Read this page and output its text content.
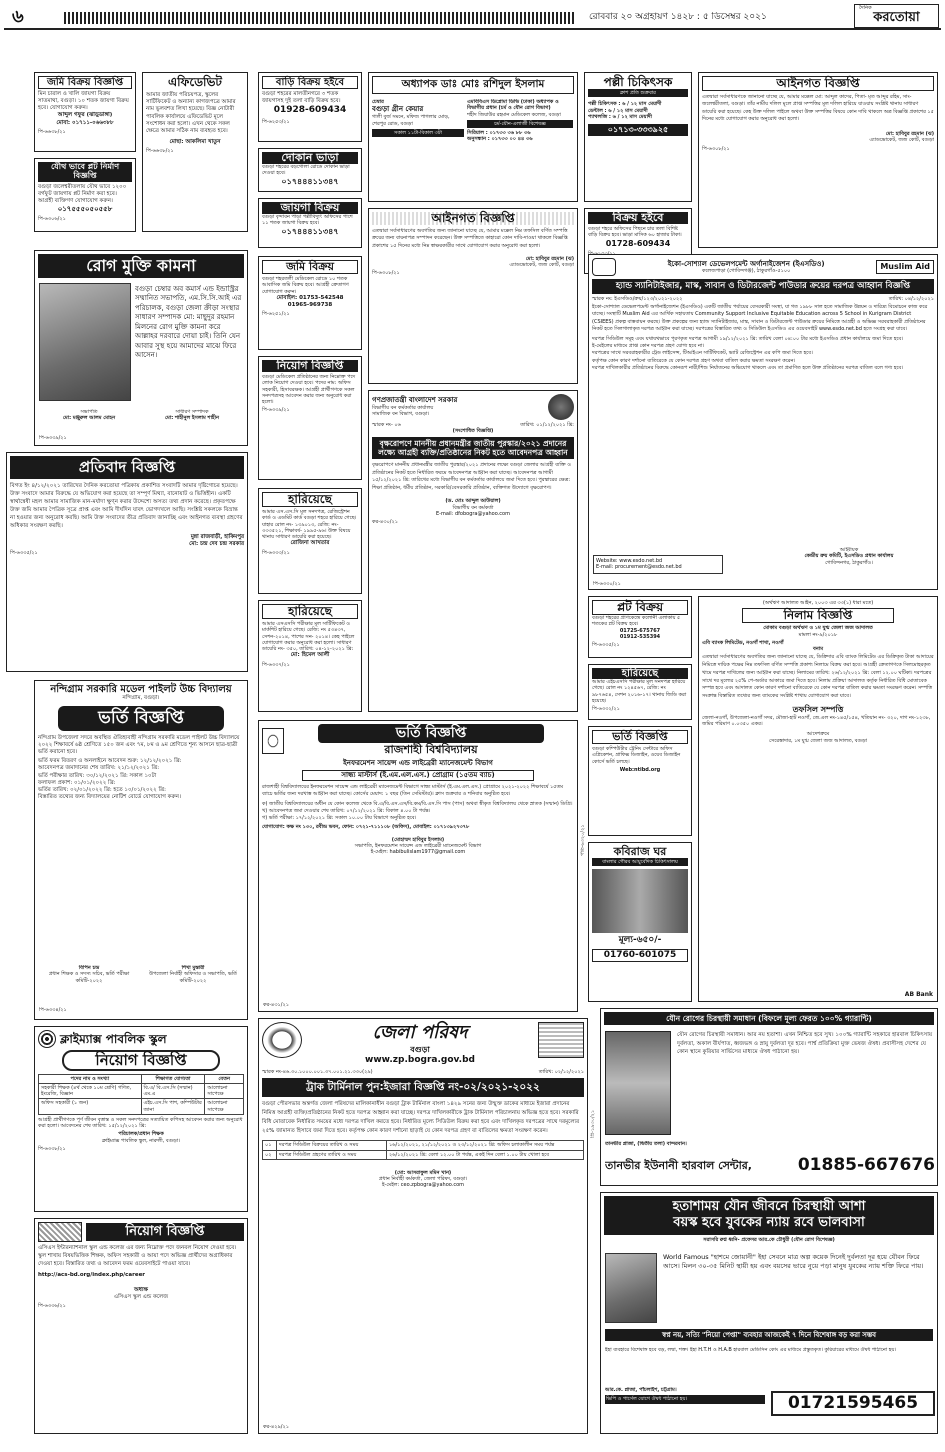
৬	রোববার ২০ অগ্রহায়ণ ১৪২৮ : ৫ ডিসেম্বর ২০২১
দৈনিক
করতোয়া
জমি বিক্রয় বিজ্ঞপ্তি
মিন চারাল ও খালি জায়গা বিক্রয় সাতমাথা, বগুড়া। ১০ শতক জায়গা বিক্রয় হবে। যোগাযোগ করুন।
আব্দুল গফুর (ঝাড়ুডাঙ্গা)
মোবা: ০১৭১১-০৬৬৩৮৮
পি-৬৬৩৮/২১
এফিডেভিট
আমার জাতীয় পরিচয়পত্র, স্কুলের সার্টিফিকেট ও অন্যান্য কাগজপত্রে আমার নাম ভুলবশত লিখা হয়েছে। বিজ্ঞ নোটারী পাবলিক কার্যালয়ে এফিডেভিট মূলে সংশোধন করা হলো। এখন থেকে সকল ক্ষেত্রে আমার সঠিক নাম ব্যবহৃত হবে।
মোছা: আকলিমা খাতুন
পি-৬৬৩৮/২১
যৌথ ভাবে প্লট নির্মাণ বিজ্ঞপ্তি
বগুড়া জলেশ্বরীতলায় যৌথ ভাবে ১২০০ বর্গফুট জায়গায় প্লট নির্মাণ করা হবে। আগ্রহী ব্যক্তিগণ যোগাযোগ করুন।
০১৭৫৫৫০৫০৫৫৮
পি-৬৩০৬/২১
রোগ মুক্তি কামনা
বগুড়া চেম্বার অব কমার্স এন্ড ইন্ডাস্ট্রির সম্মানিত সভাপতি, এম.সি.সি.আই এর পরিচালক, বগুড়া জেলা ক্রীড়া সংস্থার সাধারণ সম্পাদক মো: মাছুদুর রহমান মিলনের রোগ মুক্তি কামনা করে আল্লাহর দরবারে দোয়া চাই। তিনি যেন আবার সুস্থ হয়ে আমাদের মাঝে ফিরে আসেন।
সভাপতি
মো: মঞ্জুরুল আলম মোহন
সাধারণ সম্পাদক
মো: শাহীনুল ইসলাম শাহীন
পি-৬৩৩৯/২১
প্রতিবাদ বিজ্ঞপ্তি
বিগত ইং ৪/১২/২০২১ তারিখের দৈনিক করতোয়া পত্রিকায় প্রকাশিত সংবাদটি আমার দৃষ্টিগোচর হয়েছে। উক্ত সংবাদে আমার বিরুদ্ধে যে অভিযোগ করা হয়েছে তা সম্পূর্ণ মিথ্যা, বানোয়াট ও ভিত্তিহীন। একটি স্বার্থান্বেষী মহল আমার সামাজিক মান-মর্যাদা ক্ষুণ্ন করার উদ্দেশ্যে অসত্য তথ্য প্রদান করেছে। প্রকৃতপক্ষে উক্ত জমি আমার পৈত্রিক সূত্রে প্রাপ্ত এবং আমি দীর্ঘদিন যাবৎ ভোগদখলে আছি। সংশ্লিষ্ট সকলকে বিভ্রান্ত না হওয়ার জন্য অনুরোধ করছি। আমি উক্ত সংবাদের তীব্র প্রতিবাদ জানাচ্ছি এবং আইনগত ব্যবস্থা গ্রহণের অধিকার সংরক্ষণ করছি।
মুন্না রাজবাড়ী, হাকিমপুর
মো: চন্দ্র দেব চন্দ্র সরকার
পি-৬৩৩৫/২১
নন্দিগ্রাম সরকারি মডেল পাইলট উচ্চ বিদ্যালয়
নন্দিগ্রাম, বগুড়া।
ভর্তি বিজ্ঞপ্তি
নন্দিগ্রাম উপজেলা সদরে অবস্থিত ঐতিহ্যবাহী নন্দিগ্রাম সরকারি মডেল পাইলট উচ্চ বিদ্যালয়ে ২০২২ শিক্ষাবর্ষে ৬ষ্ঠ শ্রেণিতে ১৫০ জন এবং ৭ম, ৮ম ও ৯ম শ্রেণিতে শূন্য আসনে ছাত্র-ছাত্রী ভর্তি করানো হবে।
ভর্তি ফরম বিতরণ ও অনলাইনে আবেদন শুরু: ১২/১২/২০২১ খ্রি:
আবেদনপত্র জমাদানের শেষ তারিখ: ২১/১২/২০২১ খ্রি:
ভর্তি পরীক্ষার তারিখ: ৩০/১২/২০২১ খ্রি: সকাল ১০টা
ফলাফল প্রকাশ: ০১/০১/২০২২ খ্রি:
ভর্তির তারিখ: ০২/০১/২০২২ খ্রি: হতে ১০/০১/২০২২ খ্রি:
বিস্তারিত তথ্যের জন্য বিদ্যালয়ের নোটিশ বোর্ডে যোগাযোগ করুন।
বিপিন চন্দ্র
প্রধান শিক্ষক ও সদস্য সচিব, ভর্তি পরীক্ষা কমিটি-২০২২
শিখা মুস্তারী
উপজেলা নির্বাহী অফিসার ও সভাপতি, ভর্তি কমিটি-২০২২
পি-৬৩৩৪/২১
ক্লাইম্যাক্স পাবলিক স্কুল
নিয়োগ বিজ্ঞপ্তি
পদের নাম ও সংখ্যা	শিক্ষাগত যোগ্যতা	বেতন
সহকারী শিক্ষক (৪র্থ থেকে ১০ম শ্রেণি) গণিত, ইংরেজি, বিজ্ঞান	বি.এ/ বি.এস.সি (সম্মান) এম.এ	আলোচনা সাপেক্ষে
অফিস সহকারী (১ জন)	এইচ.এস.সি পাশ, কম্পিউটার জানা	আলোচনা সাপেক্ষে
আগ্রহী প্রার্থীগণকে পূর্ণ জীবন বৃত্তান্ত ও সকল সনদপত্রের সত্যায়িত কপিসহ আবেদন করার জন্য অনুরোধ করা হলো। আবেদনের শেষ তারিখ: ১৫/১২/২০২১ খ্রি:
পরিচালক/প্রধান শিক্ষক
ক্লাইম্যাক্স পাবলিক স্কুল, নারুলী, বগুড়া।
পি-৬৩৩৮/২১
নিয়োগ বিজ্ঞপ্তি
এসিএস ইন্টারন্যাশনাল স্কুল এন্ড কলেজ এর জন্য নিম্নোক্ত পদে জনবল নিয়োগ দেওয়া হবে। স্কুল শাখায় বিষয়ভিত্তিক শিক্ষক, অফিস সহকারী ও আয়া পদে অভিজ্ঞ প্রার্থীদের অগ্রাধিকার দেওয়া হবে। বিস্তারিত তথ্য ও আবেদন ফরম ওয়েবসাইটে পাওয়া যাবে।
http://acs-bd.org/index.php/career
অধ্যক্ষ
এসিএস স্কুল এন্ড কলেজ
পি-৬৩৩৬/২১
বাড়ি বিক্রয় হইবে
বগুড়া শহরের মালতীনগরে ৩ শতক জায়গাসহ দুই তলা বাড়ি বিক্রয় হবে।
01928-609434
পি-৬২৫৩/২১
দোকান ভাড়া
বগুড়া শহরের বড়গোলা রোডে দোকান ভাড়া দেওয়া হবে।
০১৭৪৪৪১১৩৪৭
জায়গা বিক্রয়
বগুড়া বৃন্দাবন পাড়া পল্লীবিদ্যুৎ অফিসের পাশে ১১ শতক জায়গা বিক্রয় হবে।
০১৭৪৪৪১১৩৪৭
জমি বিক্রয়
বগুড়া শহরতলী মেডিকেল রোডে ১০ শতক আবাসিক জমি বিক্রয় হবে। আগ্রহী ক্রেতাগণ যোগাযোগ করুন।
মোবাইল: 01753-542548
01965-969738
পি-৬২৫১/২১
নিয়োগ বিজ্ঞপ্তি
বগুড়া মেডিকেল প্রতিষ্ঠানের জন্য নিম্নোক্ত পদে লোক নিয়োগ দেওয়া হবে। পদের নাম: অফিস সহকারী, হিসাবরক্ষক। আগ্রহী প্রার্থীগণকে সকল সনদপত্রসহ আবেদন করার জন্য অনুরোধ করা হলো।
পি-৬৩৩৯/২১
হারিয়েছে
আমার এস.এস.সি মূল সনদপত্র, রেজিস্ট্রেশন কার্ড ও এডমিট কার্ড বগুড়া শহরে হারিয়ে গেছে। যাহার রোল নং- ১৩৯০১৩, রেজি: নং- ৩৩৩৫২১, শিক্ষাবর্ষ- ১৯৯৫-৯৬। উক্ত বিষয়ে থানায় সাধারণ ডায়েরি করা হয়েছে।
রোজিনা আখতার
পি-৬৩৩৩/২১
হারিয়েছে
আমার এসএসসি পরীক্ষার মূল সার্টিফিকেট ও মার্কশিট হারিয়ে গেছে। রেজি: নং ৫৩৪৩৭, সেশন-২০১৪, পাশের সন- ২০১৪। কেহ পাইলে যোগাযোগ করার অনুরোধ করা হলো। সাধারণ ডায়েরি নং- ৩৫০, তারিখ: ০৪-১২-২০২১ খ্রি:
মো: হিমেল আলী
পি-৬৩৩৭/২১
অধ্যাপক ডাঃ মোঃ রশিদুল ইসলাম
চেম্বার
বগুড়া গ্রীন কেয়ার
গালী বুর্জ সমনে, মফিজ পাগলার মোড়, শেরপুর রোড, বগুড়া
সকাল ১১টা-বিকাল ৩টা
এমবিবিএস ডিপ্লোমা ডিভি (ঢাকা) অধ্যাপক ও বিভাগীয় প্রধান (চর্ম ও যৌন রোগ বিভাগ)
শহীদ জিয়াউর রহমান মেডিকেল কলেজ, বগুড়া
চর্ম-যৌন-এলার্জী বিশেষজ্ঞ
সিরিয়াল : ০১৭৩৩ ৩৬ ৮৮ ৩৬
অনুসন্ধান : ০১৭৩৩ ০০ ৪৪ ৩৬
পল্লী চিকিৎসক
ক্লাশ প্রতি শুক্রবার
পল্লী চিকিৎসক : ৬ / ১২ মাস মেয়াদী
ডেন্টাল : ৬ / ১২ মাস মেয়াদী
প্যাথলজি : ৬ / ১২ মাস মেয়াদী
০১৭১৩-৩৩৩৯২৫
আইনগত বিজ্ঞপ্তি
এতদ্বারা সর্বসাধারণের অবগতির জন্য জানানো যাচ্ছে যে, আমার মক্কেল নিম্ন তফসিল বর্ণিত সম্পত্তি ক্রয়ের জন্য বায়নাপত্র সম্পাদন করেছেন। উক্ত সম্পত্তিতে কাহারো কোন দাবি-দাওয়া থাকলে বিজ্ঞপ্তি প্রকাশের ১৫ দিনের মধ্যে নিম্ন স্বাক্ষরকারীর সাথে যোগাযোগ করার অনুরোধ করা হলো।
মো: হাবিবুর রহমান (ঝ)
এ্যাডভোকেট, জজ কোর্ট, বগুড়া
পি-৬৩০৮/২১
বিক্রয় হইবে
বগুড়া শহরে অফিসের পিছনে চার তলা বিশিষ্ট বাড়ি বিক্রয় হবে। ভাড়া মাসিক ৬০ হাজার টাকা।
01728-609434
আইনগত বিজ্ঞপ্তি
এতদ্বারা সর্বসাধারণকে জানানো যাচ্ছে যে, আমার মক্কেল মো: আব্দুল কাদের, পিতা- মৃত আব্দুর রহিম, সাং- জলেশ্বরীতলা, বগুড়া। তাঁর নামীয় দলিল মূলে প্রাপ্ত সম্পত্তির মূল দলিল হারিয়ে যাওয়ায় সংশ্লিষ্ট থানায় সাধারণ ডায়েরি করা হয়েছে। কেহ উক্ত দলিল পাইলে অথবা উক্ত সম্পত্তির বিষয়ে কোন দাবি থাকলে অত্র বিজ্ঞপ্তি প্রকাশের ১৫ দিনের মধ্যে যোগাযোগ করার অনুরোধ করা হলো।
মো: হাবিবুর রহমান (ঝ)
এ্যাডভোকেট, জজ কোর্ট, বগুড়া
পি-৬৩০৮/২১
গণপ্রজাতন্ত্রী বাংলাদেশ সরকার
বিভাগীয় বন কর্মকর্তার কার্যালয়
সামাজিক বন বিভাগ, বগুড়া।
স্মারক নং- ০৬	তারিখ: ০১/১২/২০২১ খ্রি:
(সংশোধিত বিজ্ঞপ্তি)
বৃক্ষরোপণে মাননীয় প্রধানমন্ত্রীর জাতীয় পুরস্কার/২০২১ প্রদানের লক্ষ্যে আগ্রহী ব্যক্তি/প্রতিষ্ঠানের নিকট হতে আবেদনপত্র আহ্বান
বৃক্ষরোপণে মাননীয় প্রধানমন্ত্রীর জাতীয় পুরস্কার/২০২১ প্রদানের লক্ষ্যে বগুড়া জেলার আগ্রহী ব্যক্তি ও প্রতিষ্ঠানের নিকট হতে নির্ধারিত ফরমে আবেদনপত্র আহ্বান করা যাচ্ছে। আবেদনপত্র আগামী ১৫/১২/২০২১ খ্রি: তারিখের মধ্যে বিভাগীয় বন কর্মকর্তার কার্যালয়ে জমা দিতে হবে। পুরস্কারের ক্ষেত্র: শিক্ষা প্রতিষ্ঠান, ধর্মীয় প্রতিষ্ঠান, সরকারি/বেসরকারি প্রতিষ্ঠান, ব্যক্তিগত উদ্যোগে বৃক্ষরোপণ।
(ড. মোঃ আব্দুল আউয়াল)
বিভাগীয় বন কর্মকর্তা
E-mail: dfobogra@yahoo.com
কর-৪৩০/২১
ইকো-সোশ্যাল ডেভেলপমেন্ট অর্গানাইজেশন (ইএসডিও)
কলেজপাড়া (গোবিন্দগঞ্জ), ঠাকুরগাঁও-৫১০০
Muslim Aid
হ্যান্ড স্যানিটাইজার, মাস্ক, সাবান ও ডিটারজেন্ট পাউডার ক্রয়ের দরপত্র আহ্বান বিজ্ঞপ্তি
স্মারক নং: ইএসডিও/ক্রয়/১২৩/২০২১-২০২২	তারিখ: ০৪/১২/২০২১
ইকো-সোশ্যাল ডেভেলপমেন্ট অর্গানাইজেশন (ইএসডিও) একটি জাতীয় পর্যায়ের বেসরকারী সংস্থা, যা গত ১৯৮৮ সাল হতে সামাজিক উন্নয়ন ও দারিদ্র্য বিমোচনে কাজ করে যাচ্ছে। সংস্থাটি Muslim Aid এর আর্থিক সহায়তায় Community Support Inclusive Equitable Education across 5 School in Kurigram District (CSIEES) প্রকল্প বাস্তবায়ন করছে। উক্ত প্রকল্পের জন্য হ্যান্ড স্যানিটাইজার, মাস্ক, সাবান ও ডিটারজেন্ট পাউডার ক্রয়ের নিমিত্তে আগ্রহী ও অভিজ্ঞ সরবরাহকারী প্রতিষ্ঠানের নিকট হতে সিলগালাকৃত দরপত্র আহ্বান করা যাচ্ছে। দরপত্রের বিস্তারিত তথ্য ও সিডিউল ইএসডিও এর ওয়েবসাইট www.esdo.net.bd হতে সংগ্রহ করা যাবে।
দরপত্র সিডিউল সমূহ এবং যথাযথভাবে পূরণকৃত দরপত্র আগামী ১৯/১২/২০২১ খ্রি: তারিখ বেলা ০৪:০০ টার মধ্যে ইএসডিও প্রধান কার্যালয়ে জমা দিতে হবে।
ই-মেইলের মাধ্যমে প্রাপ্ত কোন দরপত্র গ্রহণ যোগ্য হবে না।
দরপত্রের সাথে সরবরাহকারীর ট্রেড লাইসেন্স, টিআইএন সার্টিফিকেট, ভ্যাট রেজিস্ট্রেশন এর কপি জমা দিতে হবে।
কর্তৃপক্ষ কোন কারণ দর্শানো ব্যতিরেকে যে কোন দরপত্র গ্রহণ অথবা বাতিল করার ক্ষমতা সংরক্ষণ করেন।
দরপত্র দাখিলকারীর প্রতিষ্ঠানের বিরুদ্ধে কোনরূপ নারী/শিশু নির্যাতনের অভিযোগ থাকলে এবং তা প্রমাণিত হলে উক্ত প্রতিষ্ঠানের দরপত্র বাতিল বলে গণ্য হবে।
Website: www.esdo.net.bd
E-mail: procurement@esdo.net.bd
আহ্বায়ক
কেন্দ্রীয় ক্রয় কমিটি, ইএসডিও প্রধান কার্যালয়
গোবিন্দনগর, ঠাকুরগাঁও।
পি-৬৩৩০/২১
প্লট বিক্রয়
বগুড়া শহরের প্রাণকেন্দ্রে কলোনী এলাকায় ৫ শতকের প্লট বিক্রয় হবে।
01725-675767
01912-535394
পি-৬৩৩৫/২১
হারিয়েছে
আমার এইচএসসি পরীক্ষার মূল সনদপত্র হারিয়ে গেছে। রোল নং ১২৪৫৬৭, রেজি: নং ৯৮৭৬৫৪, সেশন ২০১৬-১৭। থানায় জিডি করা হয়েছে।
পি-৬৩৩২/২১
ভর্তি বিজ্ঞপ্তি
বগুড়া কম্পিউটার ট্রেনিং সেন্টারে অফিস এপ্লিকেশন, গ্রাফিক্স ডিজাইন, ওয়েব ডিজাইন কোর্সে ভর্তি চলছে।
Web:ntibd.org
কবিরাজ ঘর
বাংলার গৌরব আয়ুর্বেদিক চিকিৎসালয়
মূল্য-৬৫০/-
01760-601075
(অর্থঋণ আদালত আইন, ২০০৩ এর ৩৩(১) ধারা মতে)
নিলাম বিজ্ঞপ্তি
মোকাম বগুড়া অর্থঋণ ও ১ম যুগ্ম জেলা জজ আদালত
মামলা নং-৯/২০১৮
এবি ব্যাংক লিমিটেড, নওগাঁ শাখা, নওগাঁ
বনাম
এতদ্বারা সর্বসাধারণের অবগতির জন্য জানানো যাচ্ছে যে, ডিক্রিদার এবি ব্যাংক লিমিটেড এর ডিক্রিকৃত টাকা আদায়ের নিমিত্তে দায়িক পক্ষের নিম্ন তফসিল বর্ণিত সম্পত্তি প্রকাশ্য নিলামে বিক্রয় করা হবে। আগ্রহী ক্রেতাগণকে সিলমোহরকৃত খামে দরপত্র দাখিলের জন্য আহ্বান করা যাচ্ছে। নিলামের তারিখ: ২৬/১২/২০২১ খ্রি: বেলা ১২.০০ ঘটিকা। দরপত্রের সাথে দর মূল্যের ২৫% পে-অর্ডার আকারে জমা দিতে হবে। নিলাম প্রক্রিয়া আদালত কর্তৃক নির্ধারিত বিধি মোতাবেক সম্পন্ন হবে এবং আদালত কোন কারণ দর্শানো ব্যতিরেকে যে কোন দরপত্র বাতিল করার ক্ষমতা সংরক্ষণ করেন। সম্পত্তি সংক্রান্ত বিস্তারিত তথ্যের জন্য ব্যাংকের সংশ্লিষ্ট শাখায় যোগাযোগ করা যাবে।
তফসিল সম্পত্তি
জেলা-নওগাঁ, উপজেলা-নওগাঁ সদর, মৌজা-হাট নওগাঁ, জে.এল নং-১৪৫/১৫৪, খতিয়ান নং- ৩২০, দাগ নং-১২৩৮, জমির পরিমাণ ০.০৩৫০ একর।
আদেশক্রমে
সেরেস্তাদার, ১ম যুগ্ম জেলা জজ আদালত, বগুড়া
AB Bank
ভর্তি বিজ্ঞপ্তি
রাজশাহী বিশ্ববিদ্যালয়
ইনফরমেশন সায়েন্স এন্ড লাইব্রেরী ম্যানেজমেন্ট বিভাগ
সান্ধ্য মাস্টার্স (ই.এম.এল.এস.) প্রোগ্রাম (১৫তম ব্যাচ)
রাজশাহী বিশ্ববিদ্যালয়ের ইনফরমেশন সায়েন্স এন্ড লাইব্রেরী ম্যানেজমেন্ট বিভাগে সান্ধ্য মাস্টার্স (ই.এম.এল.এস.) প্রোগ্রামে ২০২১-২০২২ শিক্ষাবর্ষে ১৫তম ব্যাচে ভর্তির জন্য দরখাস্ত আহ্বান করা যাচ্ছে। কোর্সের মেয়াদ: ১ বছর (তিন সেমিস্টার)। ক্লাস শুক্রবার ও শনিবার অনুষ্ঠিত হবে।
ক) জাতীয় বিশ্ববিদ্যালয়ের অধীন যে কোন কলেজ থেকে বি.এ/বি.এস.এস/বি.কম/বি.এস.সি পাস (পাস) অথবা স্বীকৃত বিশ্ববিদ্যালয় থেকে স্নাতক (সম্মান) ডিগ্রি।
খ) আবেদনপত্র জমা দেওয়ার শেষ তারিখ: ০৭/১২/২০২১ খ্রি: বিকাল ৪.০০ টা পর্যন্ত।
গ) ভর্তি পরীক্ষা: ১৭/১২/২০২১ খ্রি: সকাল ১০.০০ টায় বিভাগে অনুষ্ঠিত হবে।
যোগাযোগ: কক্ষ নং ১৩০, রবীন্দ্র ভবন, ফোন: ০৭২১-৭১১১০৮ (অফিস), মোবাইল: ০১৭১৩৯২৭৩৭৮
(মোহাম্মদ হাবিবুর ইসলাম)
সভাপতি, ইনফরমেশন সায়েন্স এন্ড লাইব্রেরী ম্যানেজমেন্ট বিভাগ
ই-মেইল: habibulislam1977@gmail.com
কর-৪৩১/২১
জেলা পরিষদ
বগুড়া
www.zp.bogra.gov.bd
স্মারক নং-৪৬.৩০.১০০০.০০১.৩৭.০০১.২১.৩৩০(২৯)	তারিখ: ০২/১২/২০২১
ট্রাক টার্মিনাল পুন:ইজারা বিজ্ঞপ্তি নং-০২/২০২১-২০২২
বগুড়া পৌরসভার অন্তর্গত জেলা পরিষদের মালিকানাধীন বগুড়া ট্রাক টার্মিনাল বাংলা ১৪২৯ সনের জন্য উন্মুক্ত ডাকের মাধ্যমে ইজারা প্রদানের নিমিত্ত আগ্রহী ব্যক্তি/প্রতিষ্ঠানের নিকট হতে দরপত্র আহ্বান করা যাচ্ছে। দরপত্র দাখিলকারীকে ট্রাক টার্মিনাল পরিচালনায় অভিজ্ঞ হতে হবে। সরকারি বিধি মোতাবেক নির্ধারিত সময়ের মধ্যে দরপত্র দাখিল করতে হবে। নির্ধারিত মূল্যে সিডিউল বিক্রয় করা হবে এবং দাখিলকৃত দরপত্রের সাথে দরমূল্যের ২৫% জামানত হিসাবে জমা দিতে হবে। কর্তৃপক্ষ কোন কারণ দর্শানো ছাড়াই যে কোন দরপত্র গ্রহণ বা বাতিলের ক্ষমতা সংরক্ষণ করেন।
০১	দরপত্র সিডিউল বিক্রয়ের তারিখ ও সময়	১৬/১২/২০২১, ২১/১২/২০২১ ও ২৩/১২/২০২১ খ্রি: অফিস চলাকালীন সময় পর্যন্ত
০২	দরপত্র সিডিউল গ্রহণের তারিখ ও সময়	২৬/১২/২০২১ খ্রি: বেলা ১২.০০ টা পর্যন্ত, একই দিন বেলা ১.০০ টায় খোলা হবে
(মো: আসরাফুল মমিন খান)
প্রধান নির্বাহী কর্মকর্তা, জেলা পরিষদ, বগুড়া।
ই-মেইল: ceo.zpbogra@yahoo.com
কর-৪২৯/২১
পতি-৬৩২০/২১
প্রি-১৯৩০/২১
যৌন রোগের চিরস্থায়ী সমাধান (বিফলে মূল্য ফেরত ১০০% গ্যারান্টি)
যৌন রোগের চিরস্থায়ী সমাধান। আর নয় হতাশা। এখন নিশ্চিত হবে সুখ। ১০০% গ্যারান্টি সহকারে হারবাল চিকিৎসায় দুর্বলতা, অকাল বীর্যপাত, ধ্বজভঙ্গ ও স্নায়ু দুর্বলতা দূর হবে। পার্শ্ব প্রতিক্রিয়া মুক্ত ভেষজ ঔষধ। প্রবাসীসহ দেশের যে কোন স্থানে কুরিয়ার সার্ভিসের মাধ্যমে ঔষধ পাঠানো হয়।
তানভীর প্লাজা, (দ্বিতীয় তলা) বান্দরবান।
তানভীর ইউনানী হারবাল সেন্টার,	01885-667676
হতাশাময় যৌন জীবনে চিরস্থায়ী আশা
বয়স্ক হবে যুবকের ন্যায় রবে ভালবাসা
সরাসরি রুগ্ন ধ্বনি- প্রফেসর আর.কে চৌধুরী (যৌন রোগ বিশেষজ্ঞ)
World Famous "হাশমে জোয়ানী" ইহা সেবনে মাত্র অল্প কয়েক দিনেই দুর্বলতা দূর হয়ে যৌবন ফিরে আসে। মিলন ৩০-৩৫ মিনিট স্থায়ী হয় এবং বয়সের ভারে নুয়ে পড়া মানুষ যুবকের ন্যায় শক্তি ফিরে পায়।
স্বপ্ন নয়, সত্যি "নিয়ো পেপ্তা" ব্যবহার আজকেই ৭ দিনে বিশেষাঙ্গ বড় করা সম্ভব
ইহা ব্যবহারে বিশেষাঙ্গ হবে বড়, লম্বা, শক্ত। ইহা H.T.H ও H.A.B হারবাল মেডিসিন কোং এর মাধ্যমে প্রস্তুতকৃত। কুরিয়ারের মাধ্যমে ঔষধ পাঠানো হয়।
আর.কে. প্লাজা, পাঁচলাইশ, চট্টগ্রাম।
ভিপি ও পার্সেল যোগে ঔষধ পাঠানো হয়।	01721595465
